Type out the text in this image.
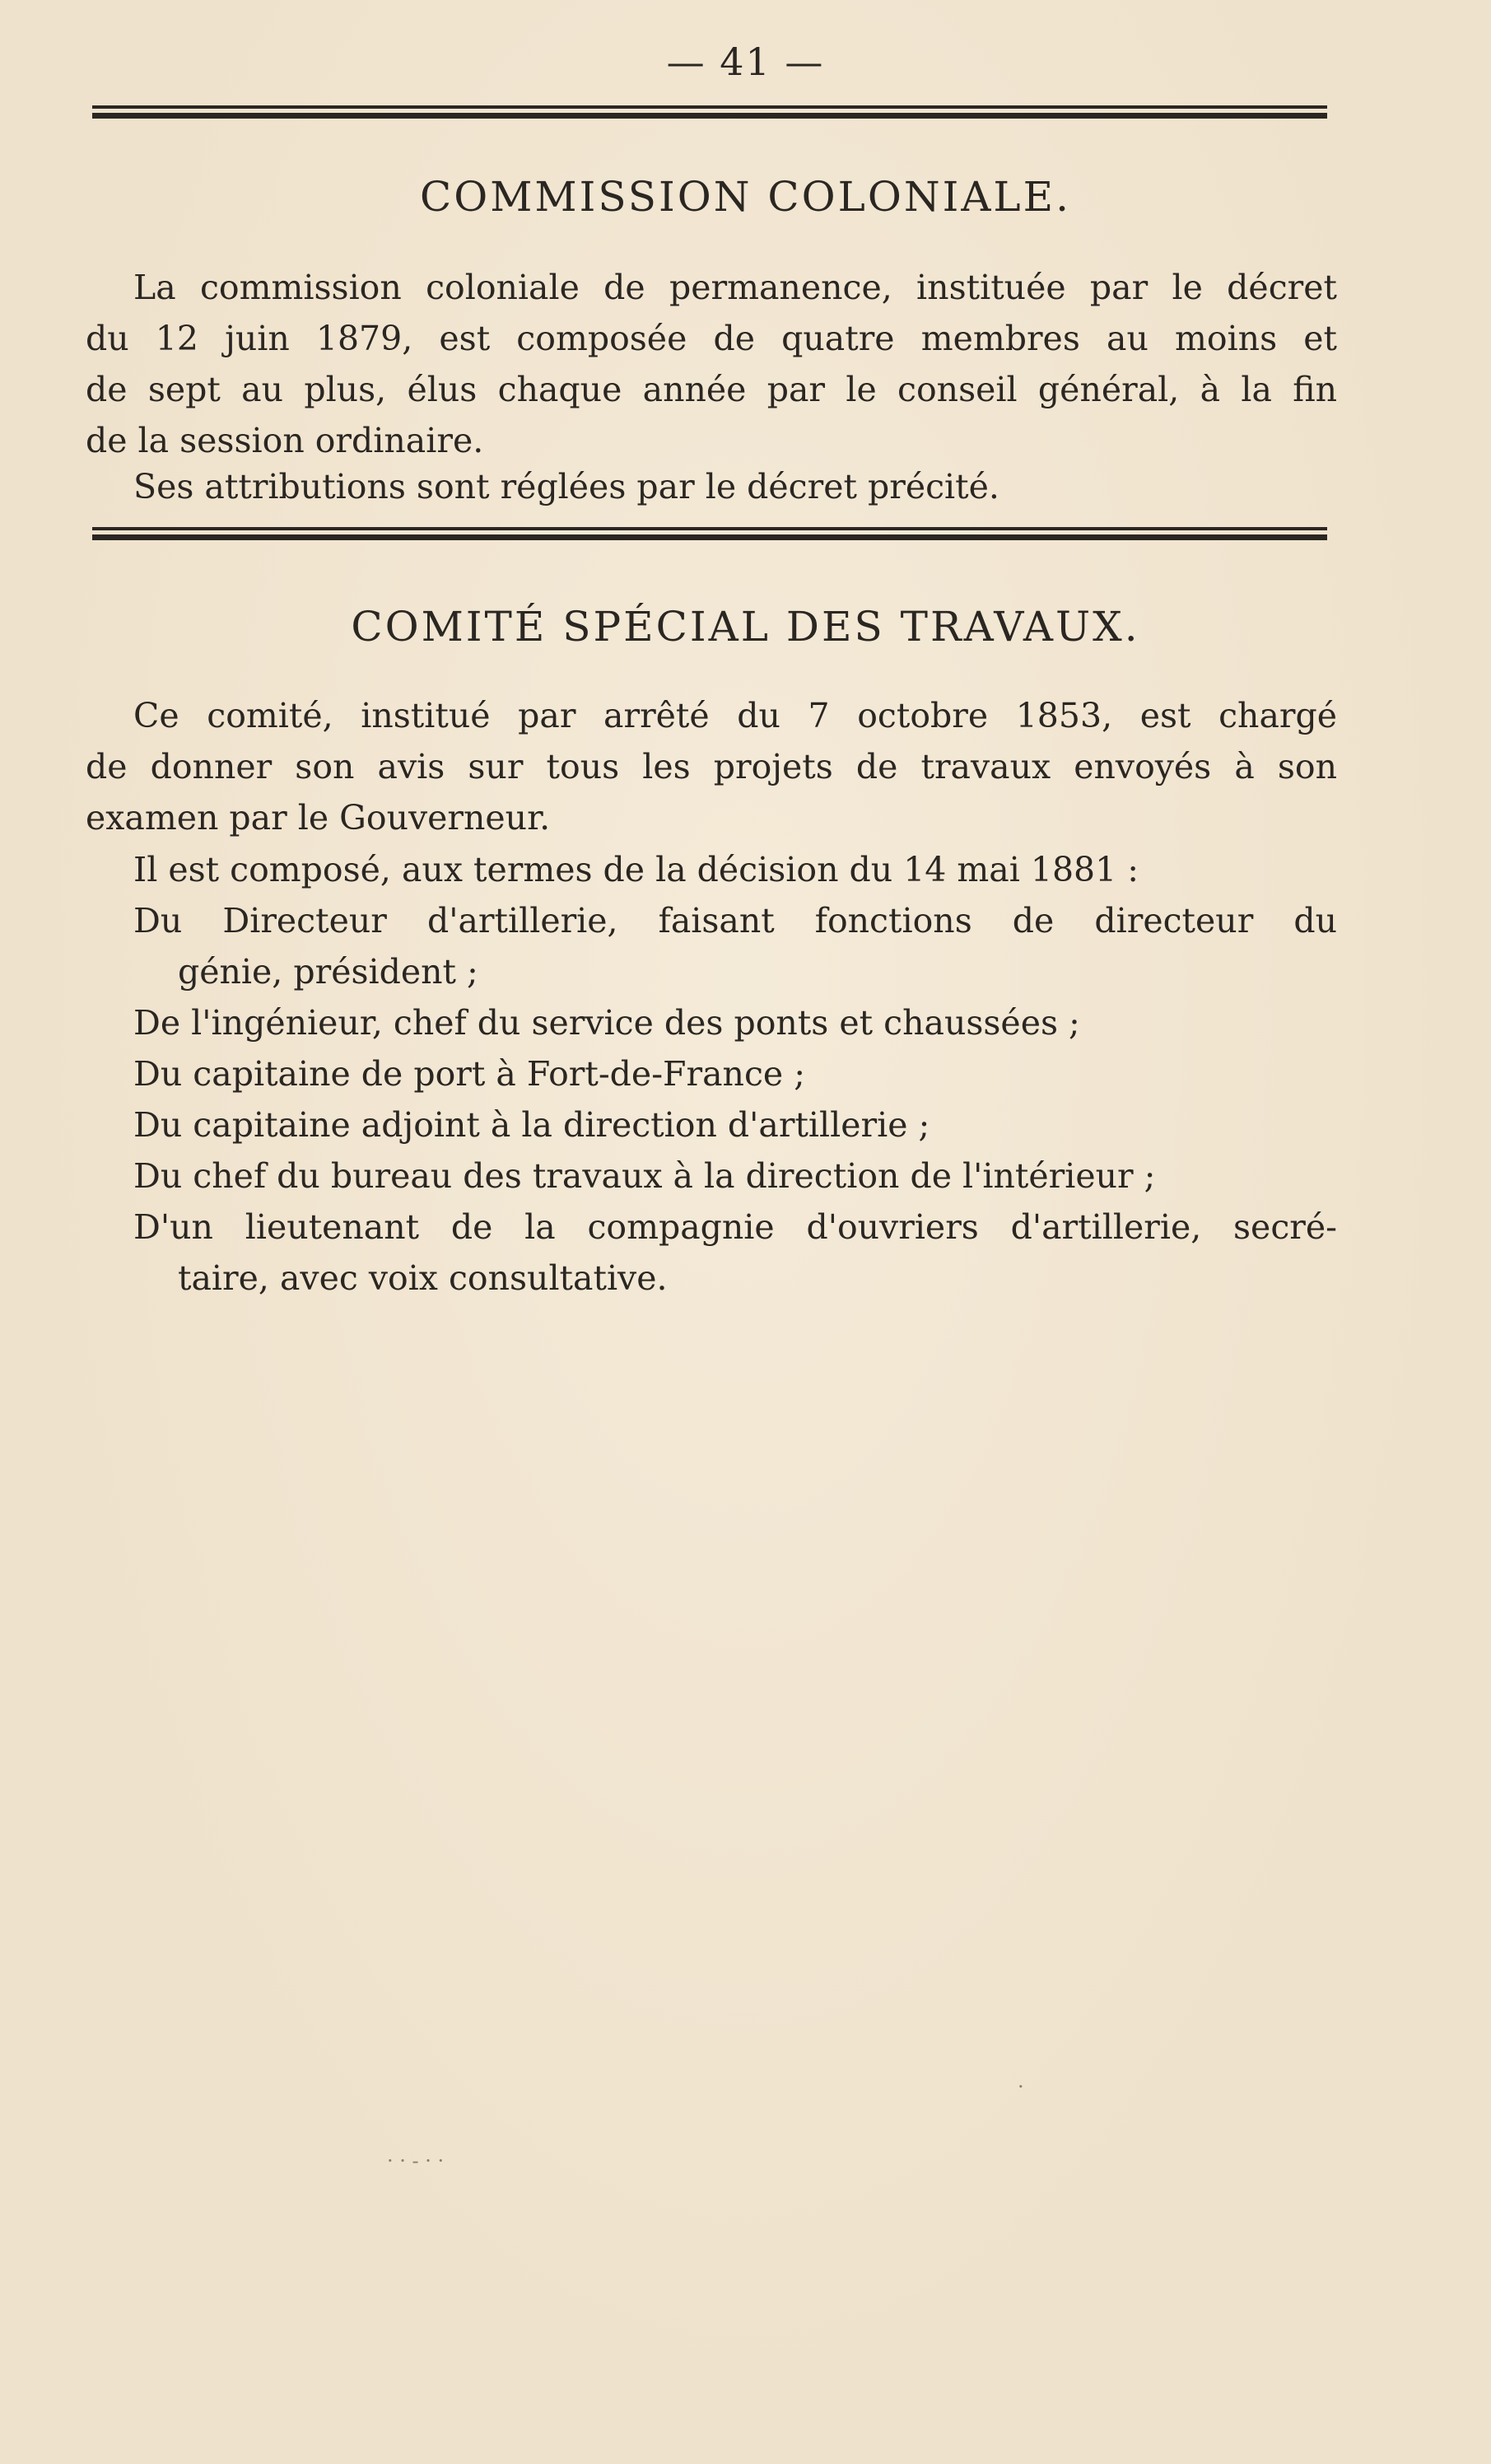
— 41 —
COMMISSION COLONIALE.
La commission coloniale de permanence, instituée par le décret
du 12 juin 1879, est composée de quatre membres au moins et
de sept au plus, élus chaque année par le conseil général, à la fin
de la session ordinaire.
Ses attributions sont réglées par le décret précité.
COMITÉ SPÉCIAL DES TRAVAUX.
Ce comité, institué par arrêté du 7 octobre 1853, est chargé
de donner son avis sur tous les projets de travaux envoyés à son
examen par le Gouverneur.
Il est composé, aux termes de la décision du 14 mai 1881 :
Du Directeur d'artillerie, faisant fonctions de directeur du
génie, président ;
De l'ingénieur, chef du service des ponts et chaussées ;
Du capitaine de port à Fort-de-France ;
Du capitaine adjoint à la direction d'artillerie ;
Du chef du bureau des travaux à la direction de l'intérieur ;
D'un lieutenant de la compagnie d'ouvriers d'artillerie, secré-
taire, avec voix consultative.
· · - · ·
·
